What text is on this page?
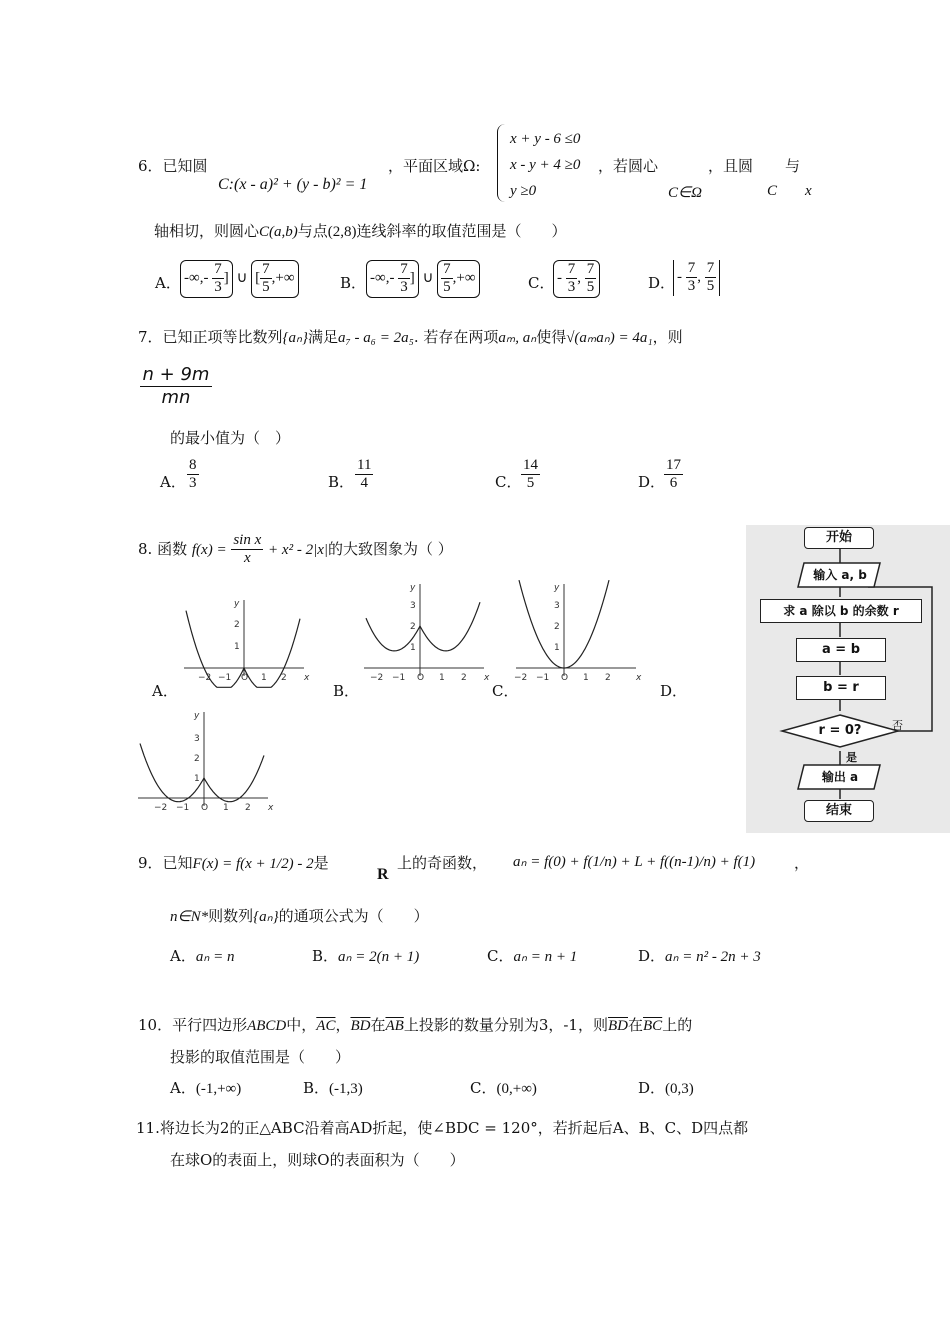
6．已知圆
C:(x - a)² + (y - b)² = 1
，平面区域Ω:
x + y - 6 ≤0
x - y + 4 ≥0
y ≥0
，若圆心
C∈Ω
，且圆
C
与
x
轴相切，则圆心C(a,b)与点(2,8)连线斜率的取值范围是（　　）
A． -∞,- $\frac{7}{3}$ ] ∪ [ $\frac{7}{5}$ ,+∞	B． -∞,- $\frac{7}{3}$ ] ∪ $\frac{7}{5}$ ,+∞	C． - $\frac{7}{3}$ , $\frac{7}{5}$	D． - $\frac{7}{3}$ , $\frac{7}{5}$
7．已知正项等比数列{aₙ}满足a₇ - a₆ = 2a₅. 若存在两项aₘ, aₙ使得√(aₘaₙ) = 4a₁，则
$\frac{n + 9m}{mn}$
的最小值为（　）
A． $\frac{8}{3}$	B． $\frac{11}{4}$	C． $\frac{14}{5}$	D．
$\frac{17}{6}$
8. 函数 $f(x) = \frac{\text{sin x}}{x} + x^2 - 2|x|$的大致图象为（ ）
A．	B．	C．	D．
−2 −1 O 1 2 x
y
1
2
−2 −1 O 1 2 x
y
1
2
3
−2 −1 O 1 2	x
y
1
2
3
−2 −1 O 1 2 x
y
1
2
3
开始
输入 a, b
求 a 除以 b 的余数 r
a = b
b = r
r = 0?	否
是
输出 a
结束
9．已知F(x) = f(x + 1/2) - 2是
R
上的奇函数， aₙ = f(0) + f(1/n) + L + f((n-1)/n) + f(1)	，
n∈N*则数列{aₙ}的通项公式为（　　）
A．aₙ = n	B．aₙ = 2(n + 1)	C．aₙ = n + 1	D．aₙ = n² - 2n + 3
10．平行四边形ABCD中，$\overline{AC}$，$\overline{BD}$在$\overline{AB}$上投影的数量分别为3，-1，则$\overline{BD}$在$\overline{BC}$上的
投影的取值范围是（　　）
A．(-1,+∞)	B．(-1,3)	C．(0,+∞)	D．(0,3)
11.将边长为2的正△ABC沿着高AD折起，使∠BDC = 120°，若折起后A、B、C、D四点都
在球O的表面上，则球O的表面积为（　　）
